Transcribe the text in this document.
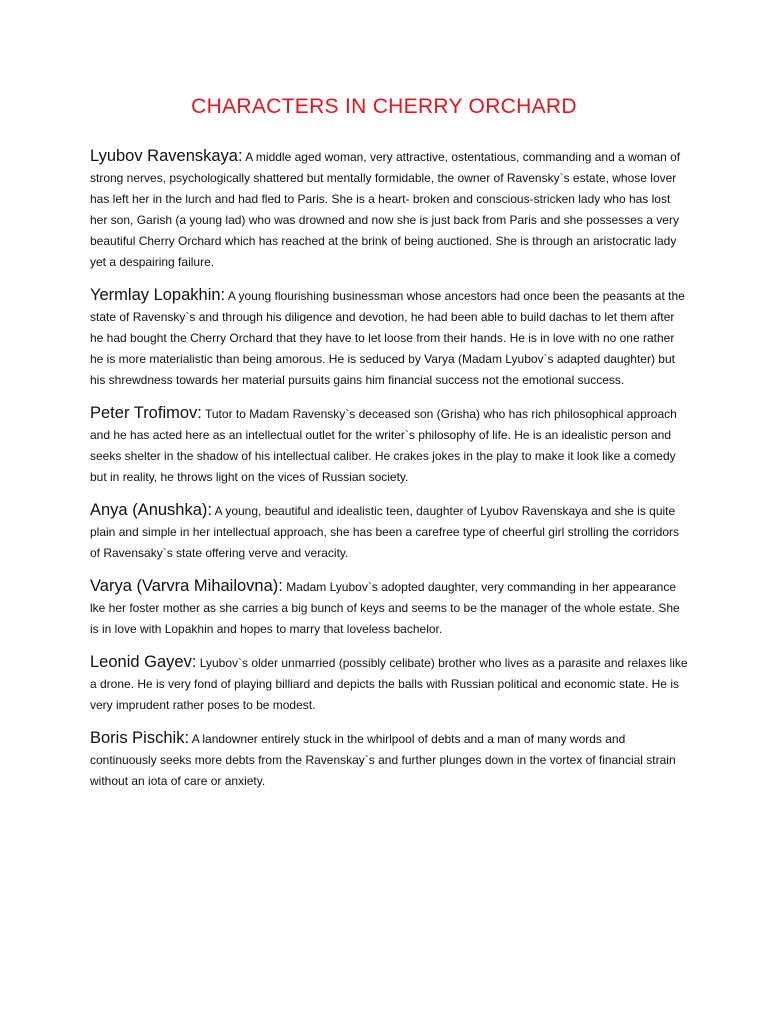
CHARACTERS IN CHERRY ORCHARD

Lyubov Ravenskaya: A middle aged woman, very attractive, ostentatious, commanding and a woman of strong nerves, psychologically shattered but mentally formidable, the owner of Ravensky`s estate, whose lover has left her in the lurch and had fled to Paris. She is a heart- broken and conscious-stricken lady who has lost her son, Garish (a young lad) who was drowned and now she is just back from Paris and she possesses a very beautiful Cherry Orchard which has reached at the brink of being auctioned. She is through an aristocratic lady yet a despairing failure.

Yermlay Lopakhin: A young flourishing businessman whose ancestors had once been the peasants at the state of Ravensky`s and through his diligence and devotion, he had been able to build dachas to let them after he had bought the Cherry Orchard that they have to let loose from their hands. He is in love with no one rather he is more materialistic than being amorous. He is seduced by Varya (Madam Lyubov`s adapted daughter) but his shrewdness towards her material pursuits gains him financial success not the emotional success.

Peter Trofimov: Tutor to Madam Ravensky`s deceased son (Grisha) who has rich philosophical approach and he has acted here as an intellectual outlet for the writer`s philosophy of life. He is an idealistic person and seeks shelter in the shadow of his intellectual caliber. He crakes jokes in the play to make it look like a comedy but in reality, he throws light on the vices of Russian society.

Anya (Anushka): A young, beautiful and idealistic teen, daughter of Lyubov Ravenskaya and she is quite plain and simple in her intellectual approach, she has been a carefree type of cheerful girl strolling the corridors of Ravensaky`s state offering verve and veracity.

Varya (Varvra Mihailovna): Madam Lyubov`s adopted daughter, very commanding in her appearance lke her foster mother as she carries a big bunch of keys and seems to be the manager of the whole estate. She is in love with Lopakhin and hopes to marry that loveless bachelor.

Leonid Gayev: Lyubov`s older unmarried (possibly celibate) brother who lives as a parasite and relaxes like a drone. He is very fond of playing billiard and depicts the balls with Russian political and economic state. He is very imprudent rather poses to be modest.

Boris Pischik: A landowner entirely stuck in the whirlpool of debts and a man of many words and continuously seeks more debts from the Ravenskay`s and further plunges down in the vortex of financial strain without an iota of care or anxiety.
